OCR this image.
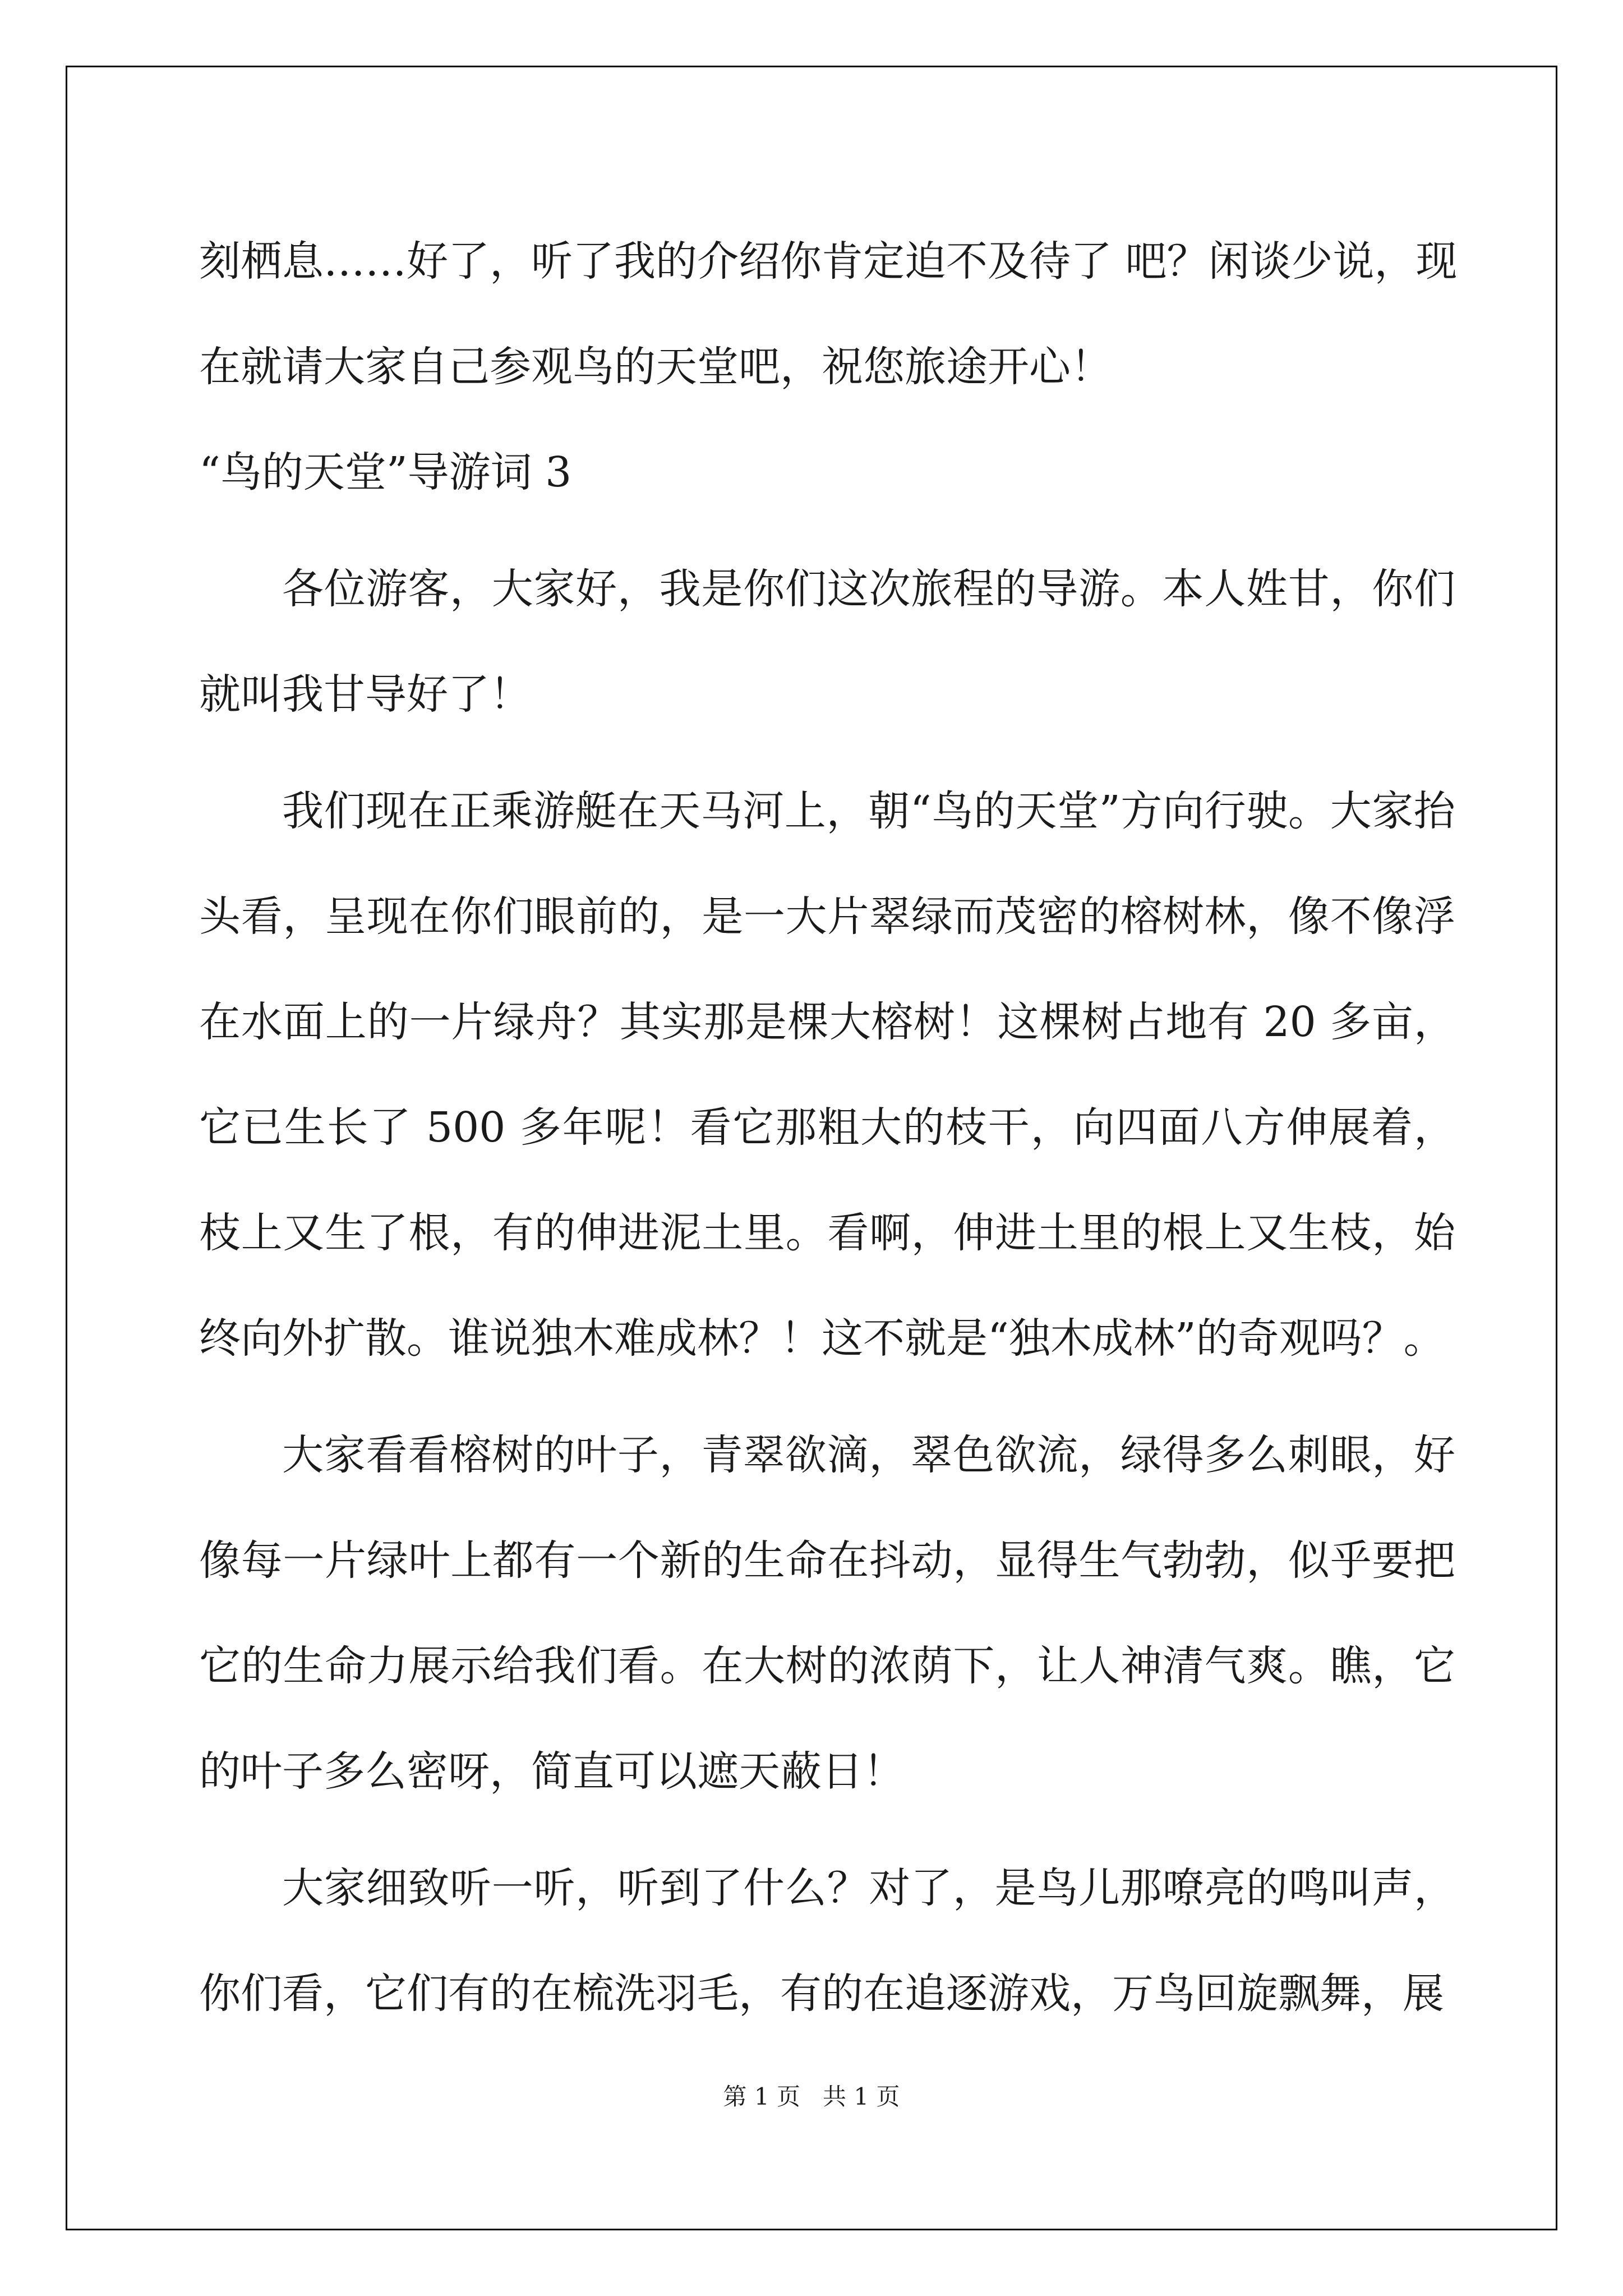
刻栖息……好了，听了我的介绍你肯定迫不及待了 吧？闲谈少说，现
在就请大家自己参观鸟的天堂吧，祝您旅途开心！
“鸟的天堂”导游词 3
各位游客，大家好，我是你们这次旅程的导游。本人姓甘，你们就叫我甘导好了！
我们现在正乘游艇在天马河上，朝“鸟的天堂”方向行驶。大家抬头看，呈现在你们眼前的，是一大片翠绿而茂密的榕树林，像不像浮在水面上的一片绿舟？其实那是棵大榕树！这棵树占地有 20 多亩，它已生长了 500 多年呢！看它那粗大的枝干，向四面八方伸展着，枝上又生了根，有的伸进泥土里。看啊，伸进土里的根上又生枝，始终向外扩散。谁说独木难成林？！这不就是“独木成林”的奇观吗？。
大家看看榕树的叶子，青翠欲滴，翠色欲流，绿得多么刺眼，好像每一片绿叶上都有一个新的生命在抖动，显得生气勃勃，似乎要把它的生命力展示给我们看。在大树的浓荫下，让人神清气爽。瞧，它的叶子多么密呀，简直可以遮天蔽日！
大家细致听一听，听到了什么？对了，是鸟儿那嘹亮的鸣叫声，你们看，它们有的在梳洗羽毛，有的在追逐游戏，万鸟回旋飘舞，展
第 1 页   共 1 页
